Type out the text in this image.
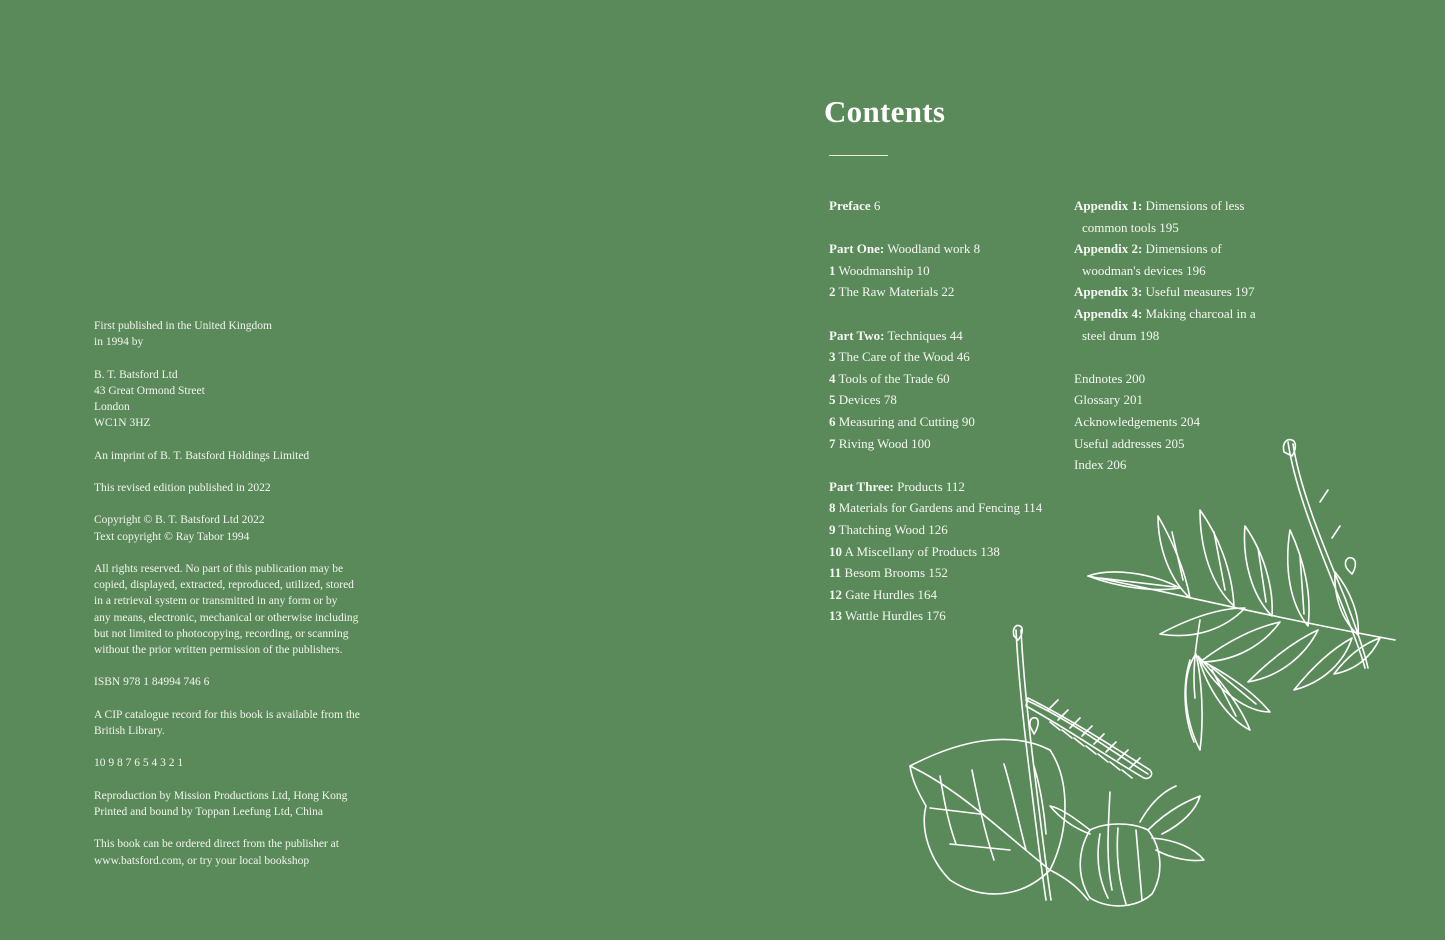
First published in the United Kingdom
in 1994 by

B. T. Batsford Ltd
43 Great Ormond Street
London
WC1N 3HZ

An imprint of B. T. Batsford Holdings Limited

This revised edition published in 2022

Copyright © B. T. Batsford Ltd 2022
Text copyright © Ray Tabor 1994

All rights reserved. No part of this publication may be
copied, displayed, extracted, reproduced, utilized, stored
in a retrieval system or transmitted in any form or by
any means, electronic, mechanical or otherwise including
but not limited to photocopying, recording, or scanning
without the prior written permission of the publishers.

ISBN 978 1 84994 746 6

A CIP catalogue record for this book is available from the
British Library.

10 9 8 7 6 5 4 3 2 1

Reproduction by Mission Productions Ltd, Hong Kong
Printed and bound by Toppan Leefung Ltd, China

This book can be ordered direct from the publisher at
www.batsford.com, or try your local bookshop

Contents
Preface 6
Part One: Woodland work 8
1 Woodmanship 10
2 The Raw Materials 22
Part Two: Techniques 44
3 The Care of the Wood 46
4 Tools of the Trade 60
5 Devices 78
6 Measuring and Cutting 90
7 Riving Wood 100
Part Three: Products 112
8 Materials for Gardens and Fencing 114
9 Thatching Wood 126
10 A Miscellany of Products 138
11 Besom Brooms 152
12 Gate Hurdles 164
13 Wattle Hurdles 176
Appendix 1: Dimensions of less
common tools 195
Appendix 2: Dimensions of
woodman's devices 196
Appendix 3: Useful measures 197
Appendix 4: Making charcoal in a
steel drum 198
Endnotes 200
Glossary 201
Acknowledgements 204
Useful addresses 205
Index 206
